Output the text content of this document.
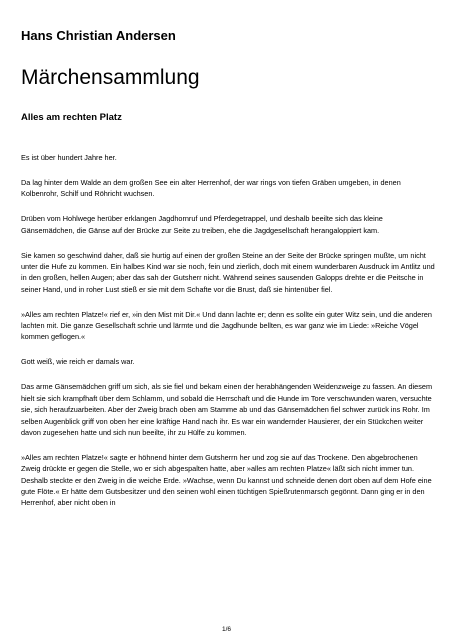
Hans Christian Andersen
Märchensammlung
Alles am rechten Platz

Es ist über hundert Jahre her.

Da lag hinter dem Walde an dem großen See ein alter Herrenhof, der war rings von tiefen Gräben umgeben, in denen Kolbenrohr, Schilf und Röhricht wuchsen.

Drüben vom Hohlwege herüber erklangen Jagdhornruf und Pferdegetrappel, und deshalb beeilte sich das kleine Gänsemädchen, die Gänse auf der Brücke zur Seite zu treiben, ehe die Jagdgesellschaft herangaloppiert kam.

Sie kamen so geschwind daher, daß sie hurtig auf einen der großen Steine an der Seite der Brücke springen mußte, um nicht unter die Hufe zu kommen. Ein halbes Kind war sie noch, fein und zierlich, doch mit einem wunderbaren Ausdruck im Antlitz und in den großen, hellen Augen; aber das sah der Gutsherr nicht. Während seines sausenden Galopps drehte er die Peitsche in seiner Hand, und in roher Lust stieß er sie mit dem Schafte vor die Brust, daß sie hintenüber fiel.

»Alles am rechten Platze!« rief er, »in den Mist mit Dir.« Und dann lachte er; denn es sollte ein guter Witz sein, und die anderen lachten mit. Die ganze Gesellschaft schrie und lärmte und die Jagdhunde bellten, es war ganz wie im Liede: »Reiche Vögel kommen geflogen.«

Gott weiß, wie reich er damals war.

Das arme Gänsemädchen griff um sich, als sie fiel und bekam einen der herabhängenden Weidenzweige zu fassen. An diesem hielt sie sich krampfhaft über dem Schlamm, und sobald die Herrschaft und die Hunde im Tore verschwunden waren, versuchte sie, sich heraufzuarbeiten. Aber der Zweig brach oben am Stamme ab und das Gänsemädchen fiel schwer zurück ins Rohr. Im selben Augenblick griff von oben her eine kräftige Hand nach ihr. Es war ein wandernder Hausierer, der ein Stückchen weiter davon zugesehen hatte und sich nun beeilte, ihr zu Hülfe zu kommen.

»Alles am rechten Platze!« sagte er höhnend hinter dem Gutsherrn her und zog sie auf das Trockene. Den abgebrochenen Zweig drückte er gegen die Stelle, wo er sich abgespalten hatte, aber »alles am rechten Platze« läßt sich nicht immer tun. Deshalb steckte er den Zweig in die weiche Erde. »Wachse, wenn Du kannst und schneide denen dort oben auf dem Hofe eine gute Flöte.« Er hätte dem Gutsbesitzer und den seinen wohl einen tüchtigen Spießrutenmarsch gegönnt. Dann ging er in den Herrenhof, aber nicht oben in

1/6
